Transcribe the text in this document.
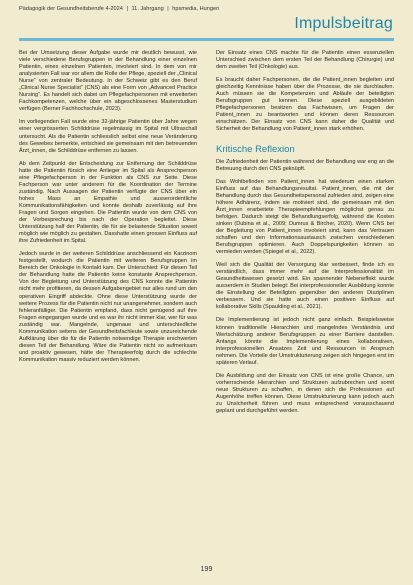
Pädagogik der Gesundheitsberufe 4-2024 | 11. Jahrgang | hpsmedia, Hungen
Impulsbeitrag

Bei der Umsetzung dieser Aufgabe wurde mir deutlich bewusst, wie viele verschiedene Berufsgruppen in der Behandlung einer einzelnen Patientin, eines einzelnen Patienten, involviert sind. In dem von mir analysierten Fall war vor allem die Rolle der Pflege, speziell der „Clinical Nurse“ von zentraler Bedeutung. In der Schweiz gibt es den Beruf „Clinical Nurse Specialist“ (CNS) als eine Form von „Advanced Practice Nursing“. Es handelt sich dabei um Pflegefachpersonen mit erweiterten Fachkompetenzen, welche über ein abgeschlossenes Masterstudium verfügen (Berner Fachhochschule, 2023).

Im vorliegenden Fall wurde eine 32-jährige Patientin über Jahre wegen einer vergrösserten Schilddrüse regelmässig im Spital mit Ultraschall untersucht. Als die Patientin schliesslich selbst eine neue Veränderung des Gewebes bemerkte, entschied sie gemeinsam mit den betreuenden Ärzt_innen, die Schilddrüse entfernen zu lassen.

Ab dem Zeitpunkt der Entscheidung zur Entfernung der Schilddrüse hatte die Patientin fürsich eine Anlieger im Spital als Ansprechperson eine Pflegefachperson in der Funktion als CNS zur Seite. Diese Fachperson war unter anderem für die Koordination der Termine zuständig. Nach Aussagen der Patientin verfügte der CNS über ein hohes Mass an Empathie und ausserordentliche Kommunikationsfähigkeiten und konnte deshalb zuverlässig auf ihre Fragen und Sorgen eingehen. Die Patientin wurde von dem CNS von der Vorbesprechung bis nach der Operation begleitet. Diese Unterstützung half der Patientin, die für sie belastende Situation soweit möglich wie möglich zu gestalten. Dasshatte einen grossen Einfluss auf ihre Zufriedenheit im Spital.

Jedoch wurde in der weiteren Schilddrüse anschliessend ein Karzinom festgestellt, wodurch die Patientin mit weiteren Berufsgruppen im Bereich der Onkologie in Kontakt kam. Der Unterschied: Für diesen Teil der Behandlung hatte die Patientin keine konstante Ansprechperson. Von der Begleitung und Unterstützung des CNS konnte die Patientin nicht mehr profitieren, da dessen Aufgabengebiet nur alles rund um den operativen Eingriff abdeckte. Ohne diese Unterstützung wurde der weitere Prozess für die Patientin nicht nur unangenehmer, sondern auch fehleranfälliger. Die Patientin empfand, dass nicht genügend auf ihre Fragen eingegangen wurde und es war ihr nicht immer klar, wer für was zuständig war. Mangelnde, ungenaue und unterschiedliche Kommunikation seitens der Gesundheitsfachleute sowie unzureichende Aufklärung über die für die Patientin notwendige Therapie erschwerten diesen Teil der Behandlung. Wäre die Patientin nicht so aufmerksam und proaktiv gewesen, hätte der Therapieerfolg durch die schlechte Kommunikation massiv reduziert werden können.

Der Einsatz eines CNS machte für die Patientin einen essenziellen Unterschied zwischen dem ersten Teil der Behandlung (Chirurgie) und dem zweiten Teil (Onkologie) aus.

Es braucht daher Fachpersonen, die die Patient_innen begleiten und gleichzeitig Kenntnisse haben über die Prozesse, die sie durchlaufen. Auch müssen sie die Kompetenzen und Abläufe der beteiligten Berufsgruppen gut kennen. Diese speziell ausgebildeten Pflegefachpersonen besitzen das Fachwissen, um Fragen der Patient_innen zu beantworten und können deren Ressourcen einschätzen. Der Einsatz von CNS kann daher die Qualität und Sicherheit der Behandlung von Patient_innen stark erhöhen.

Kritische Reflexion

Die Zufriedenheit der Patientin während der Behandlung war eng an die Betreuung durch den CNS geknüpft.

Das Wohlbefinden von Patient_innen hat wiederum einen starken Einfluss auf das Behandlungsresultat. Patient_innen, die mit der Behandlung durch das Gesundheitspersonal zufrieden sind, zeigen eine höhere Adhärenz, indem sie motiviert sind, die gemeinsam mit den Ärzt_innen erarbeitete Therapieempfehlungen möglichst genau zu befolgen. Dadurch steigt die Behandlungserfolg, während die Kosten sinken (Dubina et al., 2009; Dumrus & Bircher, 2020). Wenn CNS bei der Begleitung von Patient_innen involviert sind, kann das Vertrauen schaffen und den Informationsaustausch zwischen verschiedenen Berufsgruppen optimieren. Auch Doppelspurigkeiten können so vermieden werden (Spiegel et al., 2022).

Weil sich die Qualität der Versorgung klar verbessert, finde ich es verständlich, dass immer mehr auf die Interprofessionalität im Gesundheitswesen gesetzt wird. Ein spannender Nebeneffekt wurde ausserdem in Studien belegt: Bei interprofessioneller Ausbildung konnte die Einstellung der Beteiligten gegenüber den anderen Disziplinen verbessern. Und sie hatte auch einen positiven Einfluss auf kollaborative Skills (Spaulding et al., 2021).

Die Implementierung ist jedoch nicht ganz einfach. Beispielsweise können traditionelle Hierarchien und mangelndes Verständnis und Wertschätzung anderer Berufsgruppen zu einer Barriere darstellen. Anfangs könnte die Implementierung eines kollaborativen, interprofessionellen Ansatzes Zeit und Ressourcen in Anspruch nehmen. Die Vorteile der Umstrukturierung zeigen sich hingegen erst im späteren Verlauf.

Die Ausbildung und der Einsatz von CNS ist eine große Chance, um vorherrschende Hierarchien und Strukturen aufzubrechen und somit neue Strukturen zu schaffen, in denen sich die Professionen auf Augenhöhe treffen können. Diese Umstrukturierung kann jedoch auch zu Unsicherheit führen und muss entsprechend vorausschauend geplant und durchgeführt werden.

199
